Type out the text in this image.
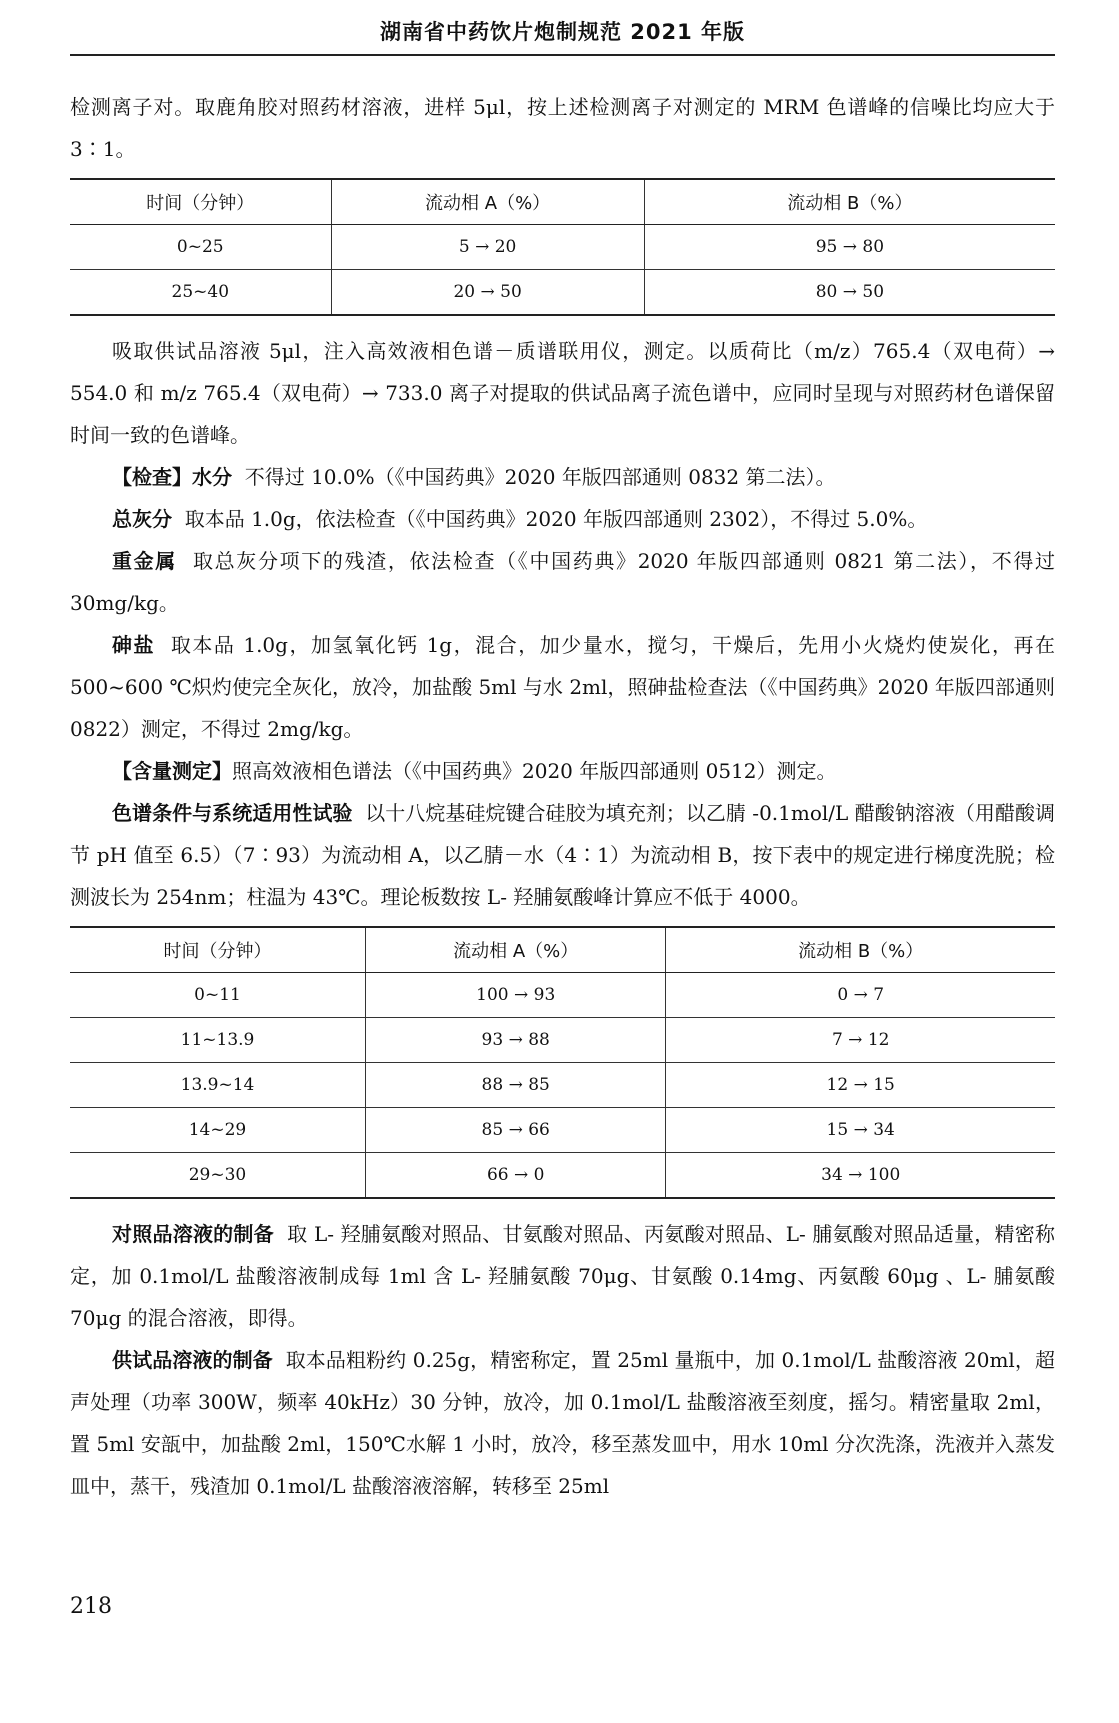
湖南省中药饮片炮制规范 2021 年版

检测离子对。取鹿角胶对照药材溶液，进样 5μl，按上述检测离子对测定的 MRM 色谱峰的信噪比均应大于 3∶1。

时间（分钟）	流动相 A（%）	流动相 B（%）
0~25	5 → 20	95 → 80
25~40	20 → 50	80 → 50

吸取供试品溶液 5μl，注入高效液相色谱－质谱联用仪，测定。以质荷比（m/z）765.4（双电荷）→ 554.0 和 m/z 765.4（双电荷）→ 733.0 离子对提取的供试品离子流色谱中，应同时呈现与对照药材色谱保留时间一致的色谱峰。

【检查】水分 不得过 10.0%（《中国药典》2020 年版四部通则 0832 第二法）。

总灰分 取本品 1.0g，依法检查（《中国药典》2020 年版四部通则 2302），不得过 5.0%。

重金属 取总灰分项下的残渣，依法检查（《中国药典》2020 年版四部通则 0821 第二法），不得过 30mg/kg。

砷盐 取本品 1.0g，加氢氧化钙 1g，混合，加少量水，搅匀，干燥后，先用小火烧灼使炭化，再在 500~600 ℃炽灼使完全灰化，放冷，加盐酸 5ml 与水 2ml，照砷盐检查法（《中国药典》2020 年版四部通则 0822）测定，不得过 2mg/kg。

【含量测定】照高效液相色谱法（《中国药典》2020 年版四部通则 0512）测定。

色谱条件与系统适用性试验 以十八烷基硅烷键合硅胶为填充剂；以乙腈 -0.1mol/L 醋酸钠溶液（用醋酸调节 pH 值至 6.5）（7∶93）为流动相 A，以乙腈－水（4∶1）为流动相 B，按下表中的规定进行梯度洗脱；检测波长为 254nm；柱温为 43℃。理论板数按 L- 羟脯氨酸峰计算应不低于 4000。

时间（分钟）	流动相 A（%）	流动相 B（%）
0~11	100 → 93	0 → 7
11~13.9	93 → 88	7 → 12
13.9~14	88 → 85	12 → 15
14~29	85 → 66	15 → 34
29~30	66 → 0	34 → 100

对照品溶液的制备 取 L- 羟脯氨酸对照品、甘氨酸对照品、丙氨酸对照品、L- 脯氨酸对照品适量，精密称定，加 0.1mol/L 盐酸溶液制成每 1ml 含 L- 羟脯氨酸 70μg、甘氨酸 0.14mg、丙氨酸 60μg 、L- 脯氨酸 70μg 的混合溶液，即得。

供试品溶液的制备 取本品粗粉约 0.25g，精密称定，置 25ml 量瓶中，加 0.1mol/L 盐酸溶液 20ml，超声处理（功率 300W，频率 40kHz）30 分钟，放冷，加 0.1mol/L 盐酸溶液至刻度，摇匀。精密量取 2ml，置 5ml 安瓿中，加盐酸 2ml，150℃水解 1 小时，放冷，移至蒸发皿中，用水 10ml 分次洗涤，洗液并入蒸发皿中，蒸干，残渣加 0.1mol/L 盐酸溶液溶解，转移至 25ml

218
